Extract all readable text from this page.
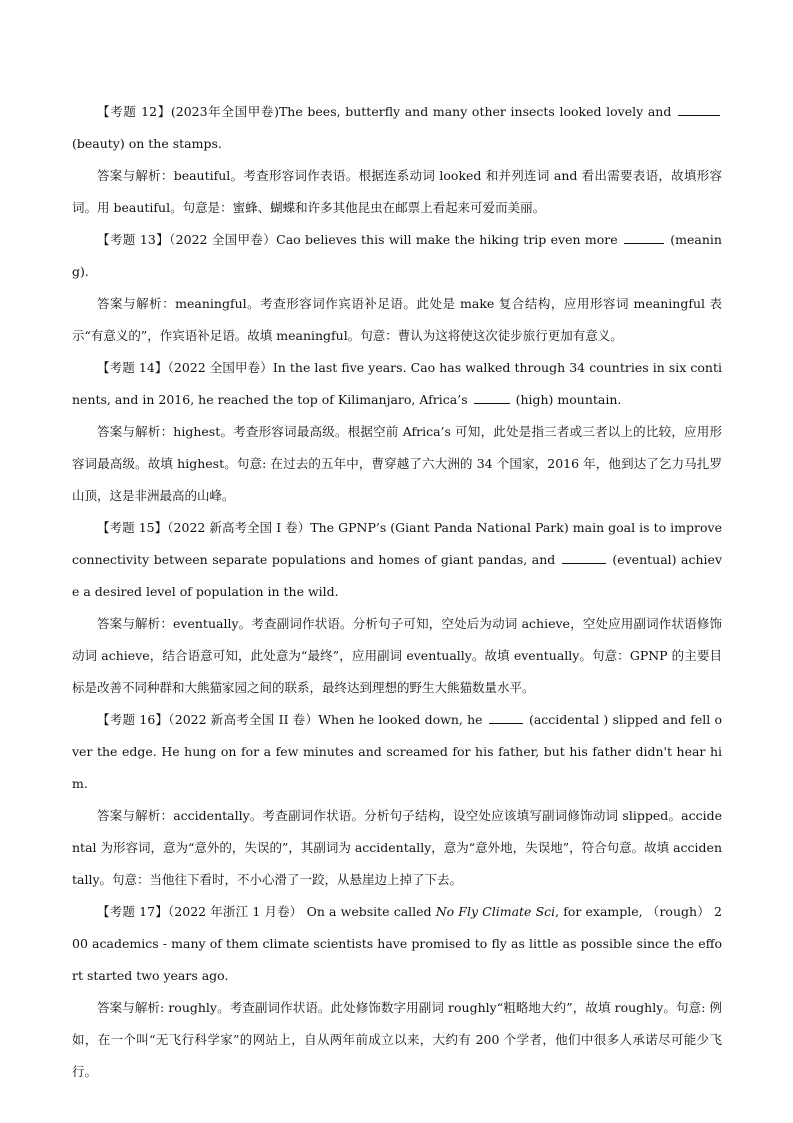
【考题 12】(2023年全国甲卷)The bees, butterfly and many other insects looked lovely and  (beauty) on the stamps.

答案与解析：beautiful。考查形容词作表语。根据连系动词 looked 和并列连词 and 看出需要表语，故填形容词。用 beautiful。句意是：蜜蜂、蝴蝶和许多其他昆虫在邮票上看起来可爱而美丽。

【考题 13】（2022 全国甲卷）Cao believes this will make the hiking trip even more	(meaning).

答案与解析：meaningful。考查形容词作宾语补足语。此处是 make 复合结构，应用形容词 meaningful 表示“有意义的”，作宾语补足语。故填 meaningful。句意：曹认为这将使这次徒步旅行更加有意义。

【考题 14】（2022 全国甲卷）In the last five years. Cao has walked through 34 countries in six continents, and in 2016, he reached the top of Kilimanjaro, Africa’s	(high) mountain.

答案与解析：highest。考查形容词最高级。根据空前 Africa’s 可知，此处是指三者或三者以上的比较，应用形容词最高级。故填 highest。句意: 在过去的五年中，曹穿越了六大洲的 34 个国家，2016 年，他到达了乞力马扎罗山顶，这是非洲最高的山峰。

【考题 15】（2022 新高考全国 I 卷）The GPNP’s (Giant Panda National Park) main goal is to improve connectivity between separate populations and homes of giant pandas, and	(eventual) achieve a desired level of population in the wild.

答案与解析：eventually。考查副词作状语。分析句子可知，空处后为动词 achieve，空处应用副词作状语修饰动词 achieve，结合语意可知，此处意为“最终”，应用副词 eventually。故填 eventually。句意：GPNP 的主要目标是改善不同种群和大熊猫家园之间的联系，最终达到理想的野生大熊猫数量水平。

【考题 16】（2022 新高考全国 II 卷）When he looked down, he	(accidental ) slipped and fell over the edge. He hung on for a few minutes and screamed for his father, but his father didn't hear him.

答案与解析：accidentally。考查副词作状语。分析句子结构，设空处应该填写副词修饰动词 slipped。accidental 为形容词，意为“意外的，失误的”，其副词为 accidentally，意为“意外地，失误地”，符合句意。故填 accidentally。句意：当他往下看时，不小心滑了一跤，从悬崖边上掉了下去。

【考题 17】（2022 年浙江 1 月卷） On a website called No Fly Climate Sci, for example, （rough） 200 academics - many of them climate scientists have promised to fly as little as possible since the effort started two years ago.

答案与解析: roughly。考查副词作状语。此处修饰数字用副词 roughly“粗略地大约”，故填 roughly。句意: 例如，在一个叫“无飞行科学家”的网站上，自从两年前成立以来，大约有 200 个学者，他们中很多人承诺尽可能少飞行。
